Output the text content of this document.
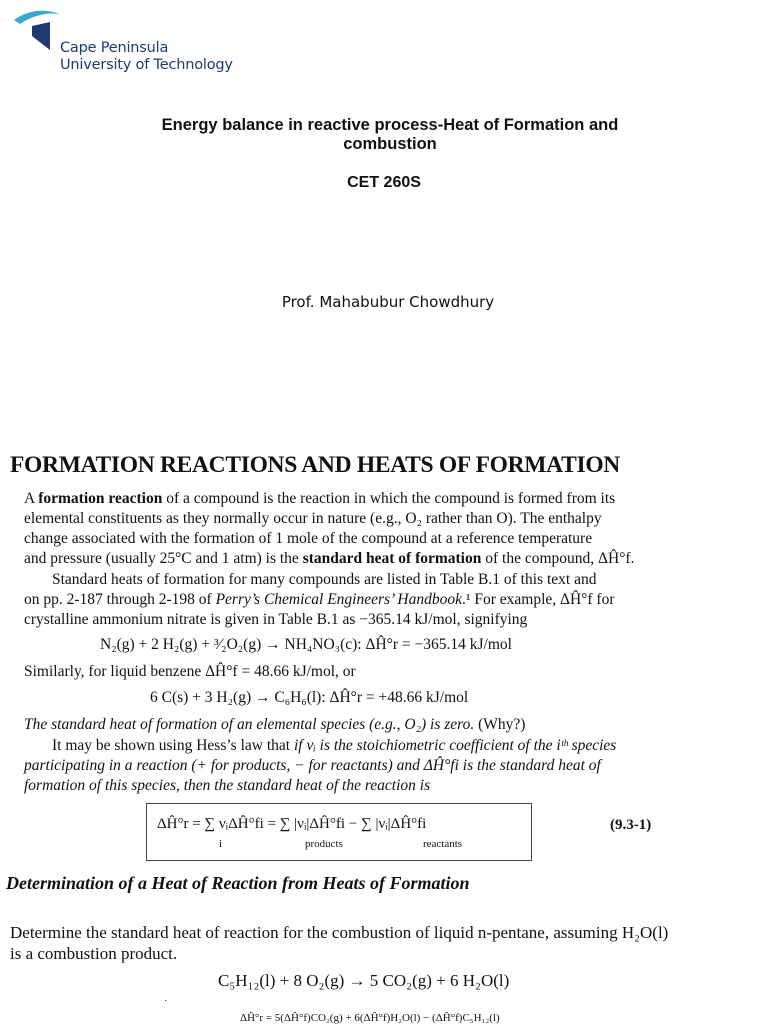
Cape Peninsula
University of Technology
Energy balance in reactive process-Heat of Formation and combustion
CET 260S
Prof. Mahabubur Chowdhury
FORMATION REACTIONS AND HEATS OF FORMATION
A formation reaction of a compound is the reaction in which the compound is formed from its
elemental constituents as they normally occur in nature (e.g., O₂ rather than O). The enthalpy
change associated with the formation of 1 mole of the compound at a reference temperature
and pressure (usually 25°C and 1 atm) is the standard heat of formation of the compound, ΔĤ°f.
Standard heats of formation for many compounds are listed in Table B.1 of this text and
on pp. 2-187 through 2-198 of Perry’s Chemical Engineers’ Handbook.¹ For example, ΔĤ°f for
crystalline ammonium nitrate is given in Table B.1 as −365.14 kJ/mol, signifying
N₂(g) + 2 H₂(g) + ³⁄₂O₂(g) → NH₄NO₃(c): ΔĤ°r = −365.14 kJ/mol
Similarly, for liquid benzene ΔĤ°f = 48.66 kJ/mol, or
6 C(s) + 3 H₂(g) → C₆H₆(l): ΔĤ°r = +48.66 kJ/mol
The standard heat of formation of an elemental species (e.g., O₂) is zero. (Why?)
It may be shown using Hess’s law that if νᵢ is the stoichiometric coefficient of the iᵗʰ species
participating in a reaction (+ for products, − for reactants) and ΔĤ°fi is the standard heat of
formation of this species, then the standard heat of the reaction is
ΔĤ°r = ∑ νᵢΔĤ°fi = ∑ |νᵢ|ΔĤ°fi − ∑ |νᵢ|ΔĤ°fi
i	products	reactants
(9.3-1)
Determination of a Heat of Reaction from Heats of Formation
Determine the standard heat of reaction for the combustion of liquid n-pentane, assuming H₂O(l)
is a combustion product.
C₅H₁₂(l) + 8 O₂(g) → 5 CO₂(g) + 6 H₂O(l)
·
ΔĤ°r = 5(ΔĤ°f)CO₂(g) + 6(ΔĤ°f)H₂O(l) − (ΔĤ°f)C₅H₁₂(l)
